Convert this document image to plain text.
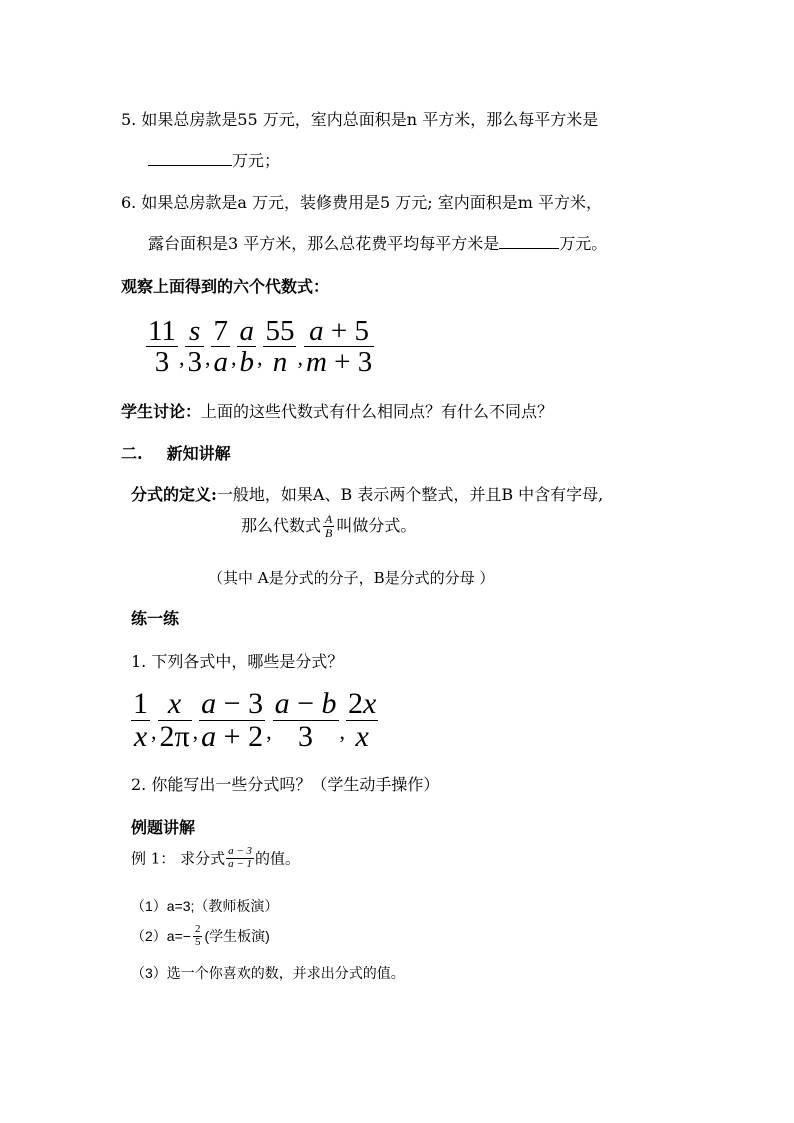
5. 如果总房款是55 万元，室内总面积是n 平方米，那么每平方米是
万元；
6. 如果总房款是a 万元，装修费用是5 万元; 室内面积是m 平方米，
露台面积是3 平方米，那么总花费平均每平方米是	万元。
观察上面得到的六个代数式：
$\frac{11}{3}$ , $\frac{s}{3}$ , $\frac{7}{a}$ , $\frac{a}{b}$ , $\frac{55}{n}$ , $\frac{a + 5}{m + 3}$
学生讨论：上面的这些代数式有什么相同点？有什么不同点？
二. 新知讲解
分式的定义:一般地，如果A、B 表示两个整式，并且B 中含有字母,
那么代数式 $\frac{A}{B}$ 叫做分式。
（其中 A是分式的分子，B是分式的分母 ）
练一练
1. 下列各式中，哪些是分式？
$\frac{1}{x}$ , $\frac{x}{2\pi}$ , $\frac{a - 3}{a + 2}$ , $\frac{a - b}{3}$ , $\frac{2x}{x}$
2. 你能写出一些分式吗？（学生动手操作）
例题讲解
例 1： 求分式 $\frac{a - 3}{a - 1}$ 的值。
（1）a=3;（教师板演）
$(2)a=- \frac{2}{5}$ (学生板演)
（3）选一个你喜欢的数，并求出分式的值。
